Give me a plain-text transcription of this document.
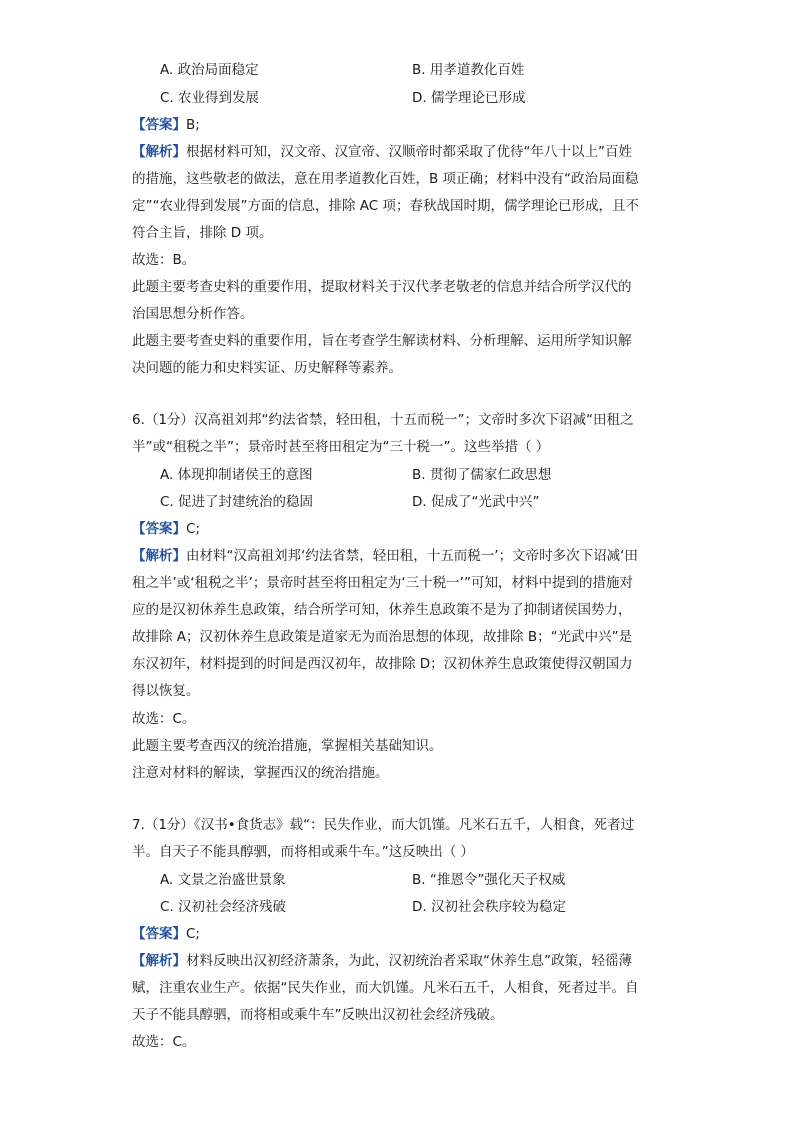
A. 政治局面稳定	B. 用孝道教化百姓
C. 农业得到发展	D. 儒学理论已形成
【答案】B;
【解析】根据材料可知，汉文帝、汉宣帝、汉顺帝时都采取了优待“年八十以上”百姓
的措施，这些敬老的做法，意在用孝道教化百姓，B 项正确；材料中没有“政治局面稳
定”“农业得到发展”方面的信息，排除 AC 项；春秋战国时期，儒学理论已形成，且不
符合主旨，排除 D 项。
故选：B。
此题主要考查史料的重要作用，提取材料关于汉代孝老敬老的信息并结合所学汉代的
治国思想分析作答。
此题主要考查史料的重要作用，旨在考查学生解读材料、分析理解、运用所学知识解
决问题的能力和史料实证、历史解释等素养。
6.（1分）汉高祖刘邦“约法省禁，轻田租，十五而税一”；文帝时多次下诏减“田租之
半”或“租税之半”；景帝时甚至将田租定为“三十税一”。这些举措（ ）
A. 体现抑制诸侯王的意图	B. 贯彻了儒家仁政思想
C. 促进了封建统治的稳固	D. 促成了“光武中兴”
【答案】C;
【解析】由材料“汉高祖刘邦‘约法省禁，轻田租，十五而税一’；文帝时多次下诏减‘田
租之半’或‘租税之半’；景帝时甚至将田租定为‘三十税一’”可知，材料中提到的措施对
应的是汉初休养生息政策，结合所学可知，休养生息政策不是为了抑制诸侯国势力，
故排除 A；汉初休养生息政策是道家无为而治思想的体现，故排除 B；“光武中兴”是
东汉初年，材料提到的时间是西汉初年，故排除 D；汉初休养生息政策使得汉朝国力
得以恢复。
故选：C。
此题主要考查西汉的统治措施，掌握相关基础知识。
注意对材料的解读，掌握西汉的统治措施。
7.（1分）《汉书•食货志》载“：民失作业，而大饥馑。凡米石五千，人相食，死者过
半。自天子不能具醇驷，而将相或乘牛车。”这反映出（ ）
A. 文景之治盛世景象	B. “推恩令”强化天子权威
C. 汉初社会经济残破	D. 汉初社会秩序较为稳定
【答案】C;
【解析】材料反映出汉初经济萧条，为此，汉初统治者采取“休养生息”政策，轻徭薄
赋，注重农业生产。依据“民失作业，而大饥馑。凡米石五千，人相食，死者过半。自
天子不能具醇驷，而将相或乘牛车”反映出汉初社会经济残破。
故选：C。
